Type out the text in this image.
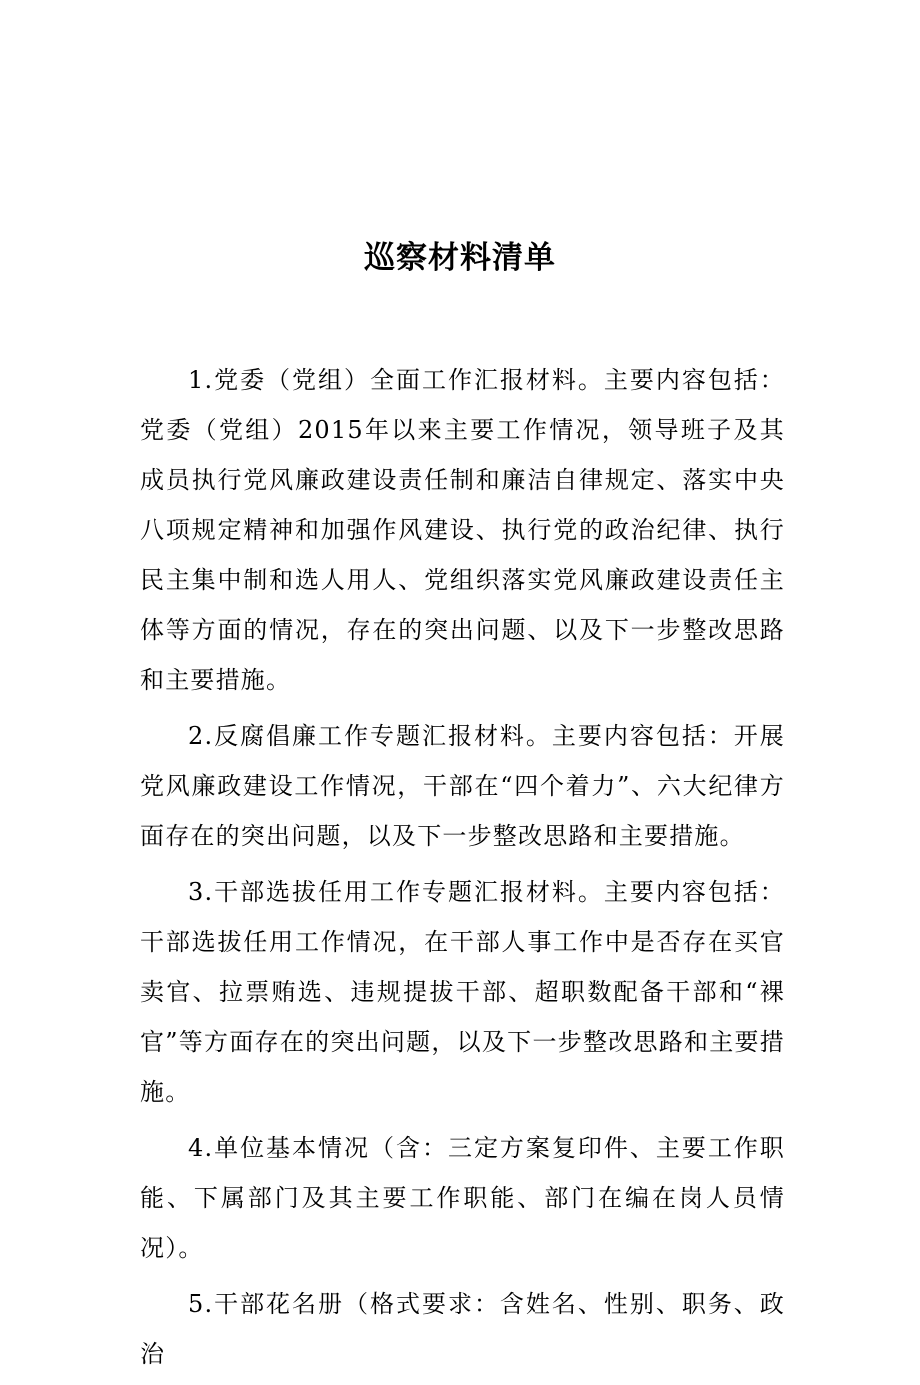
巡察材料清单

1.党委（党组）全面工作汇报材料。主要内容包括：党委（党组）2015年以来主要工作情况，领导班子及其成员执行党风廉政建设责任制和廉洁自律规定、落实中央八项规定精神和加强作风建设、执行党的政治纪律、执行民主集中制和选人用人、党组织落实党风廉政建设责任主体等方面的情况，存在的突出问题、以及下一步整改思路和主要措施。

2.反腐倡廉工作专题汇报材料。主要内容包括：开展党风廉政建设工作情况，干部在“四个着力”、六大纪律方面存在的突出问题，以及下一步整改思路和主要措施。

3.干部选拔任用工作专题汇报材料。主要内容包括：干部选拔任用工作情况，在干部人事工作中是否存在买官卖官、拉票贿选、违规提拔干部、超职数配备干部和“裸官”等方面存在的突出问题，以及下一步整改思路和主要措施。

4.单位基本情况（含：三定方案复印件、主要工作职能、下属部门及其主要工作职能、部门在编在岗人员情况）。

5.干部花名册（格式要求：含姓名、性别、职务、政治
